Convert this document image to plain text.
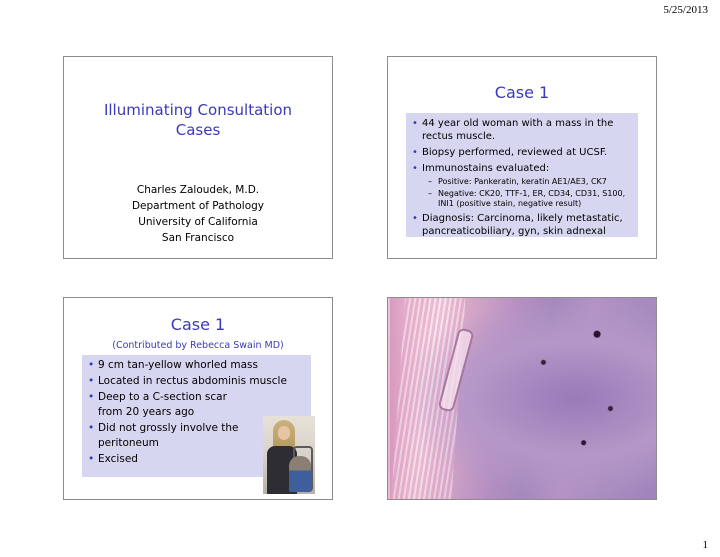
5/25/2013
Illuminating Consultation
Cases
Charles Zaloudek, M.D.
Department of Pathology
University of California
San Francisco
Case 1
• 44 year old woman with a mass in the rectus muscle.
• Biopsy performed, reviewed at UCSF.
• Immunostains evaluated:
– Positive: Pankeratin, keratin AE1/AE3, CK7
– Negative: CK20, TTF-1, ER, CD34, CD31, S100, INI1 (positive stain, negative result)
• Diagnosis: Carcinoma, likely metastatic, pancreaticobiliary, gyn, skin adnexal
Case 1
(Contributed by Rebecca Swain MD)
• 9 cm tan-yellow whorled mass
• Located in rectus abdominis muscle
• Deep to a C-section scar from 20 years ago
• Did not grossly involve the peritoneum
• Excised
1
